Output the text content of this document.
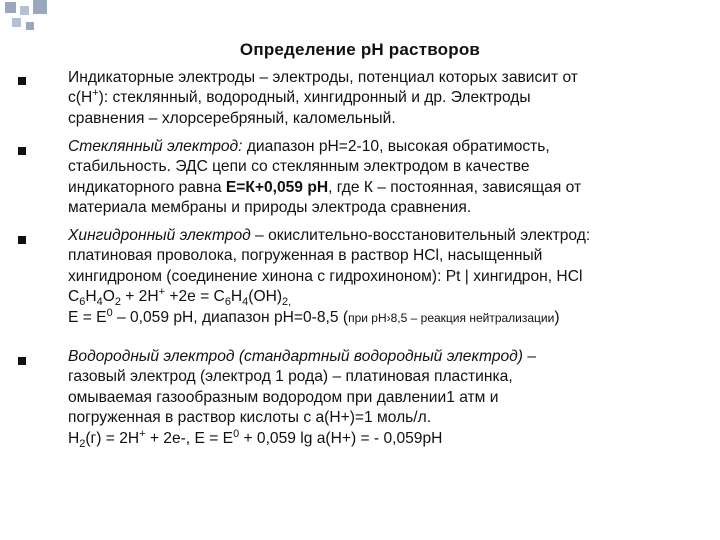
Определение рН растворов
Индикаторные электроды – электроды, потенциал которых зависит от
с(Н+): стеклянный, водородный, хингидронный и др. Электроды
сравнения – хлорсеребряный, каломельный.
Стеклянный электрод: диапазон рН=2-10, высокая обратимость,
стабильность. ЭДС цепи со стеклянным электродом в качестве
индикаторного равна Е=К+0,059 рН, где К – постоянная, зависящая от
материала мембраны и природы электрода сравнения.
Хингидронный электрод – окислительно-восстановительный электрод:
платиновая проволока, погруженная в раствор НCl, насыщенный
хингидроном (соединение хинона с гидрохиноном): Pt | хингидрон, HCl
$С_6Н_4О_2 + 2Н^+ +2е = С_6Н_4(ОН)_{2,}$
$Е = Е^0 - 0,059$ рН, диапазон рН=0-8,5 (при рН›8,5 – реакция нейтрализации)
Водородный электрод (стандартный водородный электрод) –
газовый электрод (электрод 1 рода) – платиновая пластинка,
омываемая газообразным водородом при давлении1 атм и
погруженная в раствор кислоты с а(Н+)=1 моль/л.
$Н_2(г) = 2Н^+ + 2е-$, $Е = Е^0 + 0,059$ lg а(Н+) = - 0,059рН
